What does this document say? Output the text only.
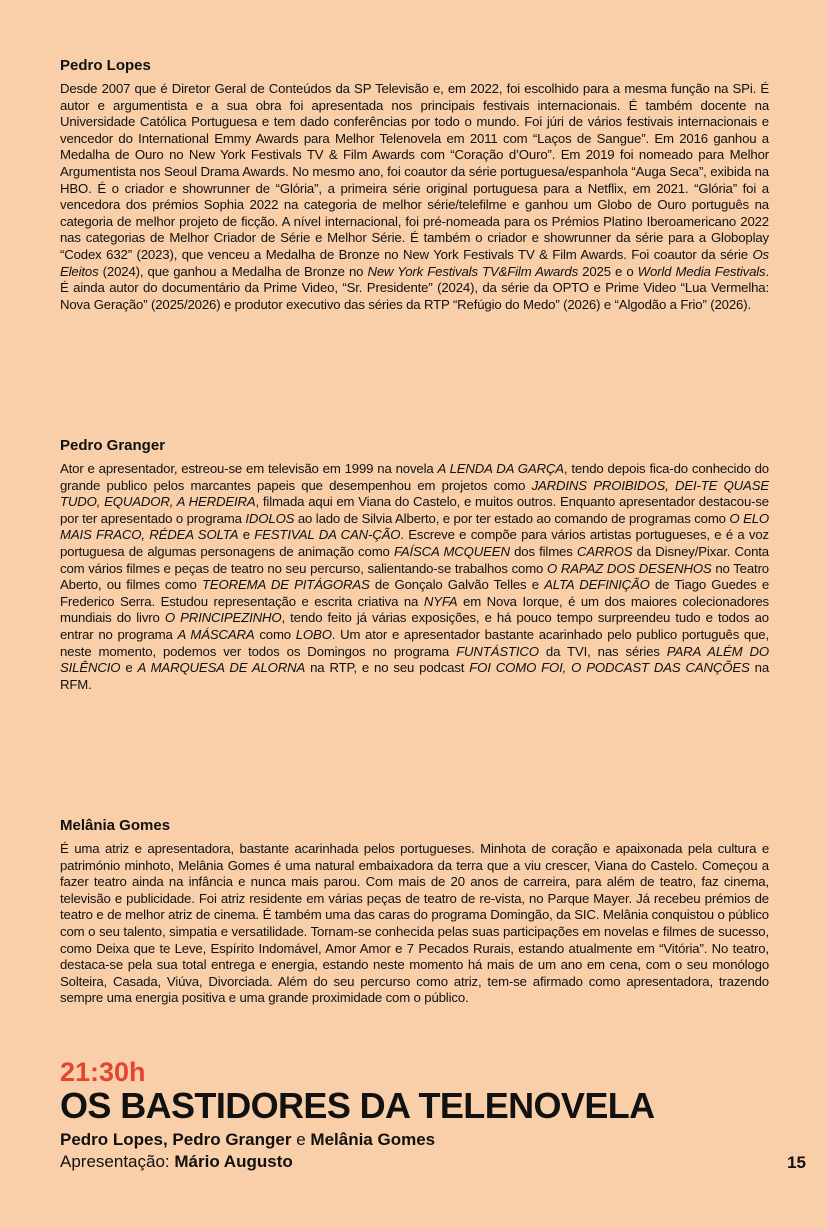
Pedro Lopes

Desde 2007 que é Diretor Geral de Conteúdos da SP Televisão e, em 2022, foi escolhido para a mesma função na SPi. É autor e argumentista e a sua obra foi apresentada nos principais festivais internacionais. É também docente na Universidade Católica Portuguesa e tem dado conferências por todo o mundo. Foi júri de vários festivais internacionais e vencedor do International Emmy Awards para Melhor Telenovela em 2011 com “Laços de Sangue”. Em 2016 ganhou a Medalha de Ouro no New York Festivals TV & Film Awards com “Coração d’Ouro”. Em 2019 foi nomeado para Melhor Argumentista nos Seoul Drama Awards. No mesmo ano, foi coautor da série portuguesa/espanhola “Auga Seca”, exibida na HBO. É o criador e showrunner de “Glória”, a primeira série original portuguesa para a Netflix, em 2021. “Glória” foi a vencedora dos prémios Sophia 2022 na categoria de melhor série/telefilme e ganhou um Globo de Ouro português na categoria de melhor projeto de ficção. A nível internacional, foi pré-nomeada para os Prémios Platino Iberoamericano 2022 nas categorias de Melhor Criador de Série e Melhor Série. É também o criador e showrunner da série para a Globoplay “Codex 632” (2023), que venceu a Medalha de Bronze no New York Festivals TV & Film Awards. Foi coautor da série Os Eleitos (2024), que ganhou a Medalha de Bronze no New York Festivals TV&Film Awards 2025 e o World Media Festivals. É ainda autor do documentário da Prime Video, “Sr. Presidente” (2024), da série da OPTO e Prime Video “Lua Vermelha: Nova Geração” (2025/2026) e produtor executivo das séries da RTP “Refúgio do Medo” (2026) e “Algodão a Frio” (2026).

Pedro Granger

Ator e apresentador, estreou-se em televisão em 1999 na novela A LENDA DA GARÇA, tendo depois fica-do conhecido do grande publico pelos marcantes papeis que desempenhou em projetos como JARDINS PROIBIDOS, DEI-TE QUASE TUDO, EQUADOR, A HERDEIRA, filmada aqui em Viana do Castelo, e muitos outros. Enquanto apresentador destacou-se por ter apresentado o programa IDOLOS ao lado de Silvia Alberto, e por ter estado ao comando de programas como O ELO MAIS FRACO, RÉDEA SOLTA e FESTIVAL DA CAN-ÇÃO. Escreve e compõe para vários artistas portugueses, e é a voz portuguesa de algumas personagens de animação como FAÍSCA MCQUEEN dos filmes CARROS da Disney/Pixar. Conta com vários filmes e peças de teatro no seu percurso, salientando-se trabalhos como O RAPAZ DOS DESENHOS no Teatro Aberto, ou filmes como TEOREMA DE PITÁGORAS de Gonçalo Galvão Telles e ALTA DEFINIÇÃO de Tiago Guedes e Frederico Serra. Estudou representação e escrita criativa na NYFA em Nova Iorque, é um dos maiores colecionadores mundiais do livro O PRINCIPEZINHO, tendo feito já várias exposições, e há pouco tempo surpreendeu tudo e todos ao entrar no programa A MÁSCARA como LOBO. Um ator e apresentador bastante acarinhado pelo publico português que, neste momento, podemos ver todos os Domingos no programa FUNTÁSTICO da TVI, nas séries PARA ALÉM DO SILÊNCIO e A MARQUESA DE ALORNA na RTP, e no seu podcast FOI COMO FOI, O PODCAST DAS CANÇÕES na RFM.

Melânia Gomes

É uma atriz e apresentadora, bastante acarinhada pelos portugueses. Minhota de coração e apaixonada pela cultura e património minhoto, Melânia Gomes é uma natural embaixadora da terra que a viu crescer, Viana do Castelo. Começou a fazer teatro ainda na infância e nunca mais parou. Com mais de 20 anos de carreira, para além de teatro, faz cinema, televisão e publicidade. Foi atriz residente em várias peças de teatro de re-vista, no Parque Mayer. Já recebeu prémios de teatro e de melhor atriz de cinema. É também uma das caras do programa Domingão, da SIC. Melânia conquistou o público com o seu talento, simpatia e versatilidade. Tornam-se conhecida pelas suas participações em novelas e filmes de sucesso, como Deixa que te Leve, Espírito Indomável, Amor Amor e 7 Pecados Rurais, estando atualmente em “Vitória”. No teatro, destaca-se pela sua total entrega e energia, estando neste momento há mais de um ano em cena, com o seu monólogo Solteira, Casada, Viúva, Divorciada. Além do seu percurso como atriz, tem-se afirmado como apresentadora, trazendo sempre uma energia positiva e uma grande proximidade com o público.

21:30h
OS BASTIDORES DA TELENOVELA
Pedro Lopes, Pedro Granger e Melânia Gomes
Apresentação: Mário Augusto	15
